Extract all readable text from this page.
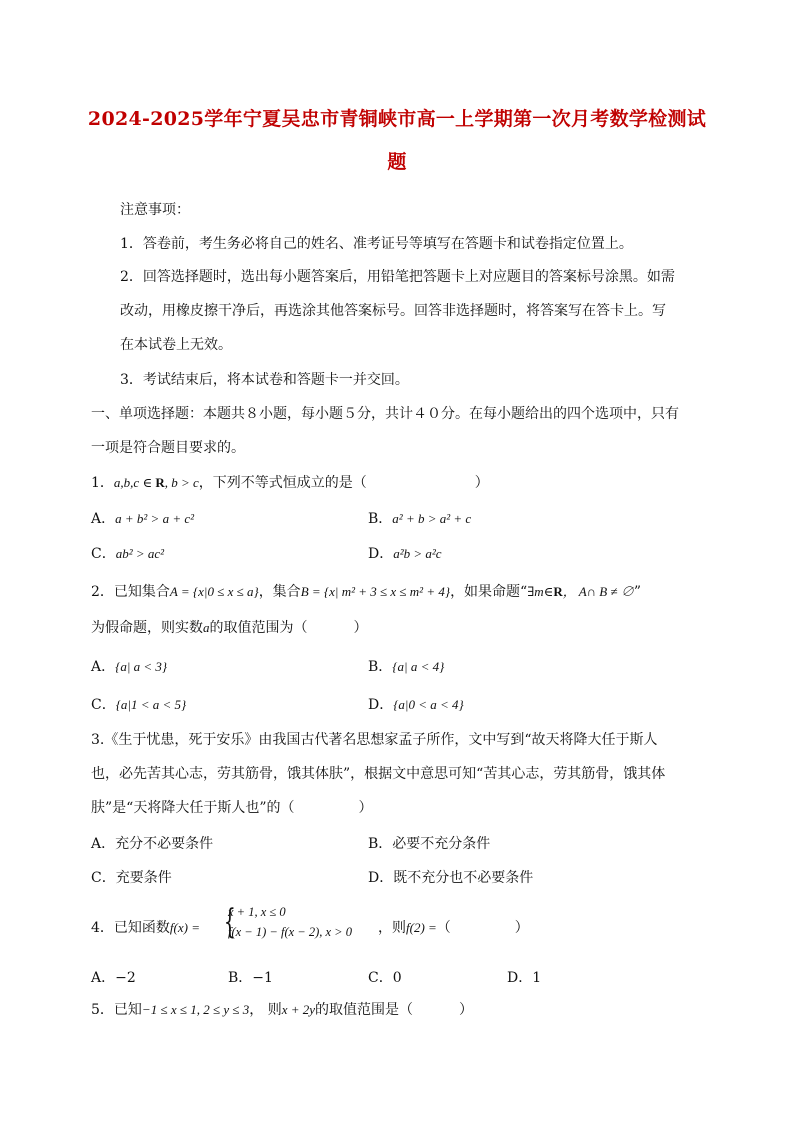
2024-2025学年宁夏吴忠市青铜峡市高一上学期第一次月考数学检测试
题
注意事项：
1．答卷前，考生务必将自己的姓名、准考证号等填写在答题卡和试卷指定位置上。
2．回答选择题时，选出每小题答案后，用铅笔把答题卡上对应题目的答案标号涂黑。如需
改动，用橡皮擦干净后，再选涂其他答案标号。回答非选择题时，将答案写在答卡上。写
在本试卷上无效。
3．考试结束后，将本试卷和答题卡一并交回。
一、单项选择题：本题共８小题，每小题５分，共计４０分。在每小题给出的四个选项中，只有
一项是符合题目要求的。
1．a,b,c ∈ R, b > c，下列不等式恒成立的是（	）
A．a + b² > a + c²	B．a² + b > a² + c
C．ab² > ac²	D．a²b > a²c
2．已知集合A = {x|0 ≤ x ≤ a}，集合B = {x| m² + 3 ≤ x ≤ m² + 4}，如果命题“∃m∈R， A∩ B ≠ ∅”
为假命题，则实数a的取值范围为（	）
A．{a| a < 3}	B．{a| a < 4}
C．{a|1 < a < 5}	D．{a|0 < a < 4}
3.《生于忧患，死于安乐》由我国古代著名思想家孟子所作，文中写到“故天将降大任于斯人
也，必先苦其心志，劳其筋骨，饿其体肤”，根据文中意思可知“苦其心志，劳其筋骨，饿其体
肤”是“天将降大任于斯人也”的（	）
A．充分不必要条件	B．必要不充分条件
C．充要条件	D．既不充分也不必要条件
4．已知函数f(x) = {
x + 1, x ≤ 0
f(x − 1) − f(x − 2), x > 0 ，则f(2) =（	）
A．−2	B．−1	C．0	D．1
5．已知−1 ≤ x ≤ 1, 2 ≤ y ≤ 3， 则x + 2y的取值范围是（	）
